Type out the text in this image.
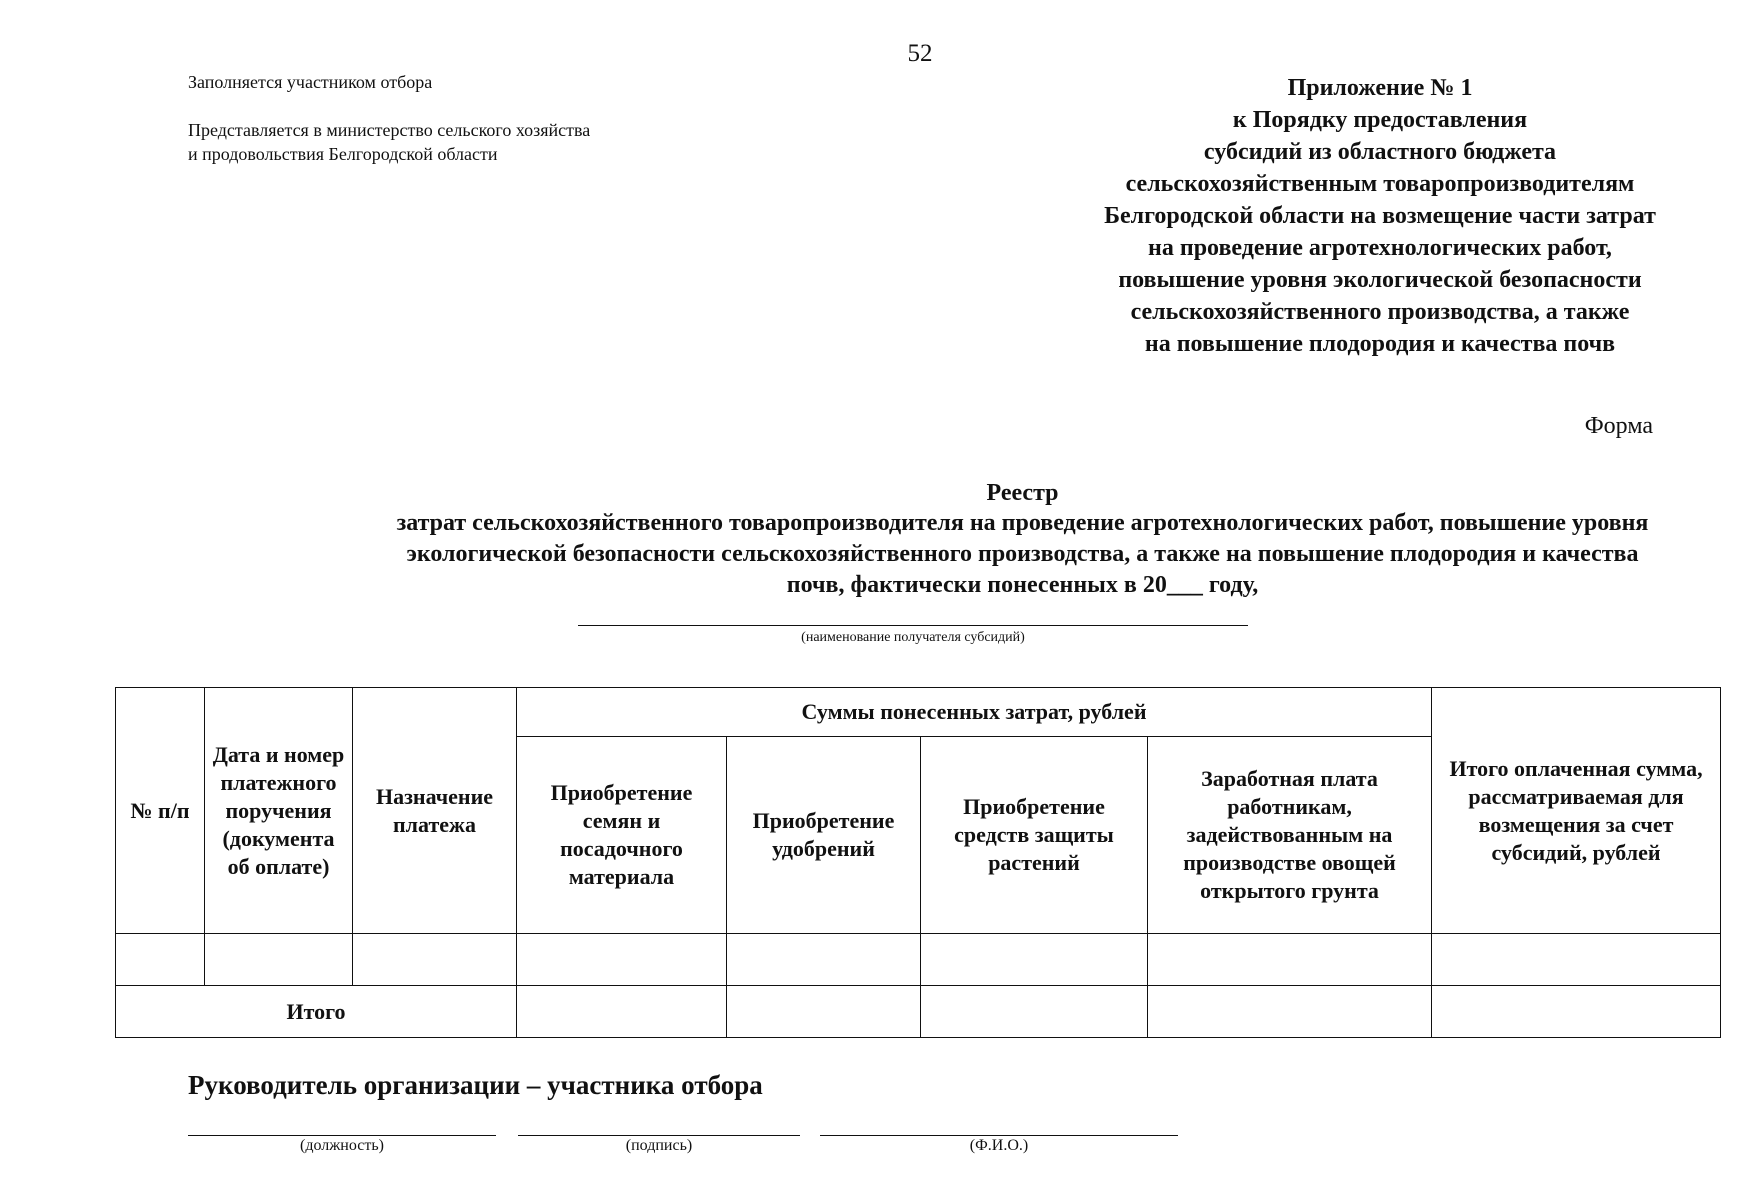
52
Заполняется участником отбора
Представляется в министерство сельского хозяйства
и продовольствия Белгородской области
Приложение № 1
к Порядку предоставления
субсидий из областного бюджета
сельскохозяйственным товаропроизводителям
Белгородской области на возмещение части затрат
на проведение агротехнологических работ,
повышение уровня экологической безопасности
сельскохозяйственного производства, а также
на повышение плодородия и качества почв
Форма
Реестр
затрат сельскохозяйственного товаропроизводителя на проведение агротехнологических работ, повышение уровня
экологической безопасности сельскохозяйственного производства, а также на повышение плодородия и качества
почв, фактически понесенных в 20___ году,
(наименование получателя субсидий)
№ п/п	Дата и номер платежного поручения (документа об оплате)	Назначение платежа	Суммы понесенных затрат, рублей				Итого оплаченная сумма, рассматриваемая для возмещения за счет субсидий, рублей
			Приобретение семян и посадочного материала	Приобретение удобрений	Приобретение средств защиты растений	Заработная плата работникам, задействованным на производстве овощей открытого грунта	

Итого							
Руководитель организации – участника отбора
(должность)	(подпись)	(Ф.И.О.)
